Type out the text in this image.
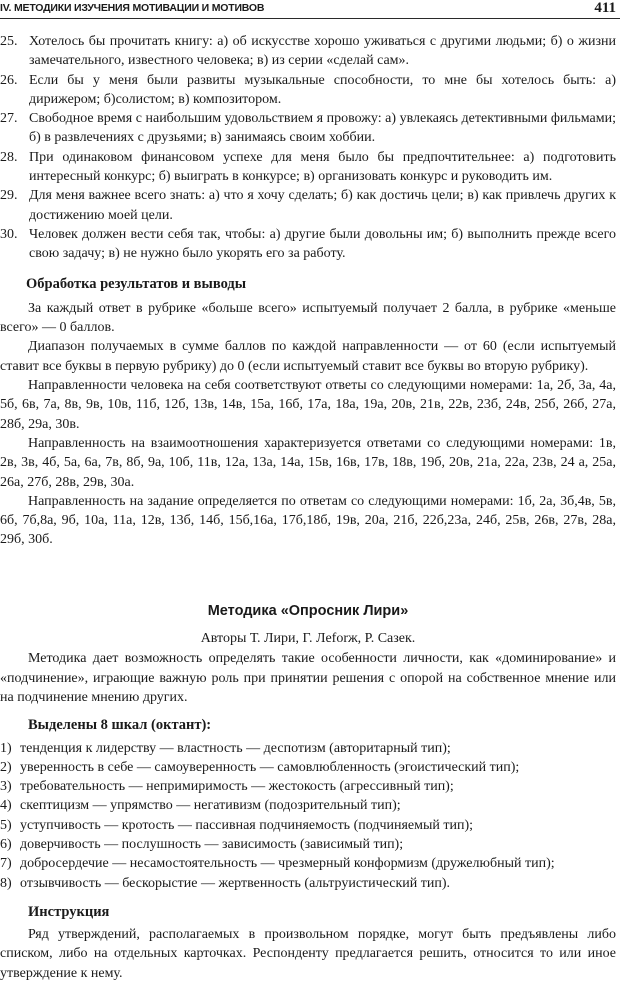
IV. МЕТОДИКИ ИЗУЧЕНИЯ МОТИВАЦИИ И МОТИВОВ	411
25. Хотелось бы прочитать книгу: а) об искусстве хорошо уживаться с другими людьми; б) о жизни замечательного, известного человека; в) из серии «сделай сам».
26. Если бы у меня были развиты музыкальные способности, то мне бы хотелось быть: а) дирижером; б)солистом; в) композитором.
27. Свободное время с наибольшим удовольствием я провожу: а) увлекаясь детективными фильмами; б) в развлечениях с друзьями; в) занимаясь своим хоббии.
28. При одинаковом финансовом успехе для меня было бы предпочтительнее: а) подготовить интересный конкурс; б) выиграть в конкурсе; в) организовать конкурс и руководить им.
29. Для меня важнее всего знать: а) что я хочу сделать; б) как достичь цели; в) как привлечь других к достижению моей цели.
30. Человек должен вести себя так, чтобы: а) другие были довольны им; б) выполнить прежде всего свою задачу; в) не нужно было укорять его за работу.
Обработка результатов и выводы

За каждый ответ в рубрике «больше всего» испытуемый получает 2 балла, в рубрике «меньше всего» — 0 баллов.

Диапазон получаемых в сумме баллов по каждой направленности — от 60 (если испытуемый ставит все буквы в первую рубрику) до 0 (если испытуемый ставит все буквы во вторую рубрику).

Направленности человека на себя соответствуют ответы со следующими номерами: 1а, 2б, 3а, 4а, 5б, 6в, 7а, 8в, 9в, 10в, 11б, 12б, 13в, 14в, 15а, 16б, 17а, 18а, 19а, 20в, 21в, 22в, 23б, 24в, 25б, 26б, 27а, 28б, 29а, 30в.

Направленность на взаимоотношения характеризуется ответами со следующими номерами: 1в, 2в, 3в, 4б, 5а, 6а, 7в, 8б, 9а, 10б, 11в, 12а, 13а, 14а, 15в, 16в, 17в, 18в, 19б, 20в, 21а, 22а, 23в, 24 а, 25а, 26а, 27б, 28в, 29в, 30а.

Направленность на задание определяется по ответам со следующими номерами: 1б, 2а, 3б,4в, 5в, 6б, 7б,8а, 9б, 10а, 11а, 12в, 13б, 14б, 15б,16а, 17б,18б, 19в, 20а, 21б, 22б,23а, 24б, 25в, 26в, 27в, 28а, 29б, 30б.

Методика «Опросник Лири»
Авторы Т. Лири, Г. Леforж, Р. Сазек.

Методика дает возможность определять такие особенности личности, как «доминирование» и «подчинение», играющие важную роль при принятии решения с опорой на собственное мнение или на подчинение мнению других.

Выделены 8 шкал (октант):
1) тенденция к лидерству — властность — деспотизм (авторитарный тип);
2) уверенность в себе — самоуверенность — самовлюбленность (эгоистический тип);
3) требовательность — непримиримость — жестокость (агрессивный тип);
4) скептицизм — упрямство — негативизм (подозрительный тип);
5) уступчивость — кротость — пассивная подчиняемость (подчиняемый тип);
6) доверчивость — послушность — зависимость (зависимый тип);
7) добросердечие — несамостоятельность — чрезмерный конформизм (дружелюбный тип);
8) отзывчивость — бескорыстие — жертвенность (альтруистический тип).
Инструкция

Ряд утверждений, располагаемых в произвольном порядке, могут быть предъявлены либо списком, либо на отдельных карточках. Респонденту предлагается решить, относится то или иное утверждение к нему.
